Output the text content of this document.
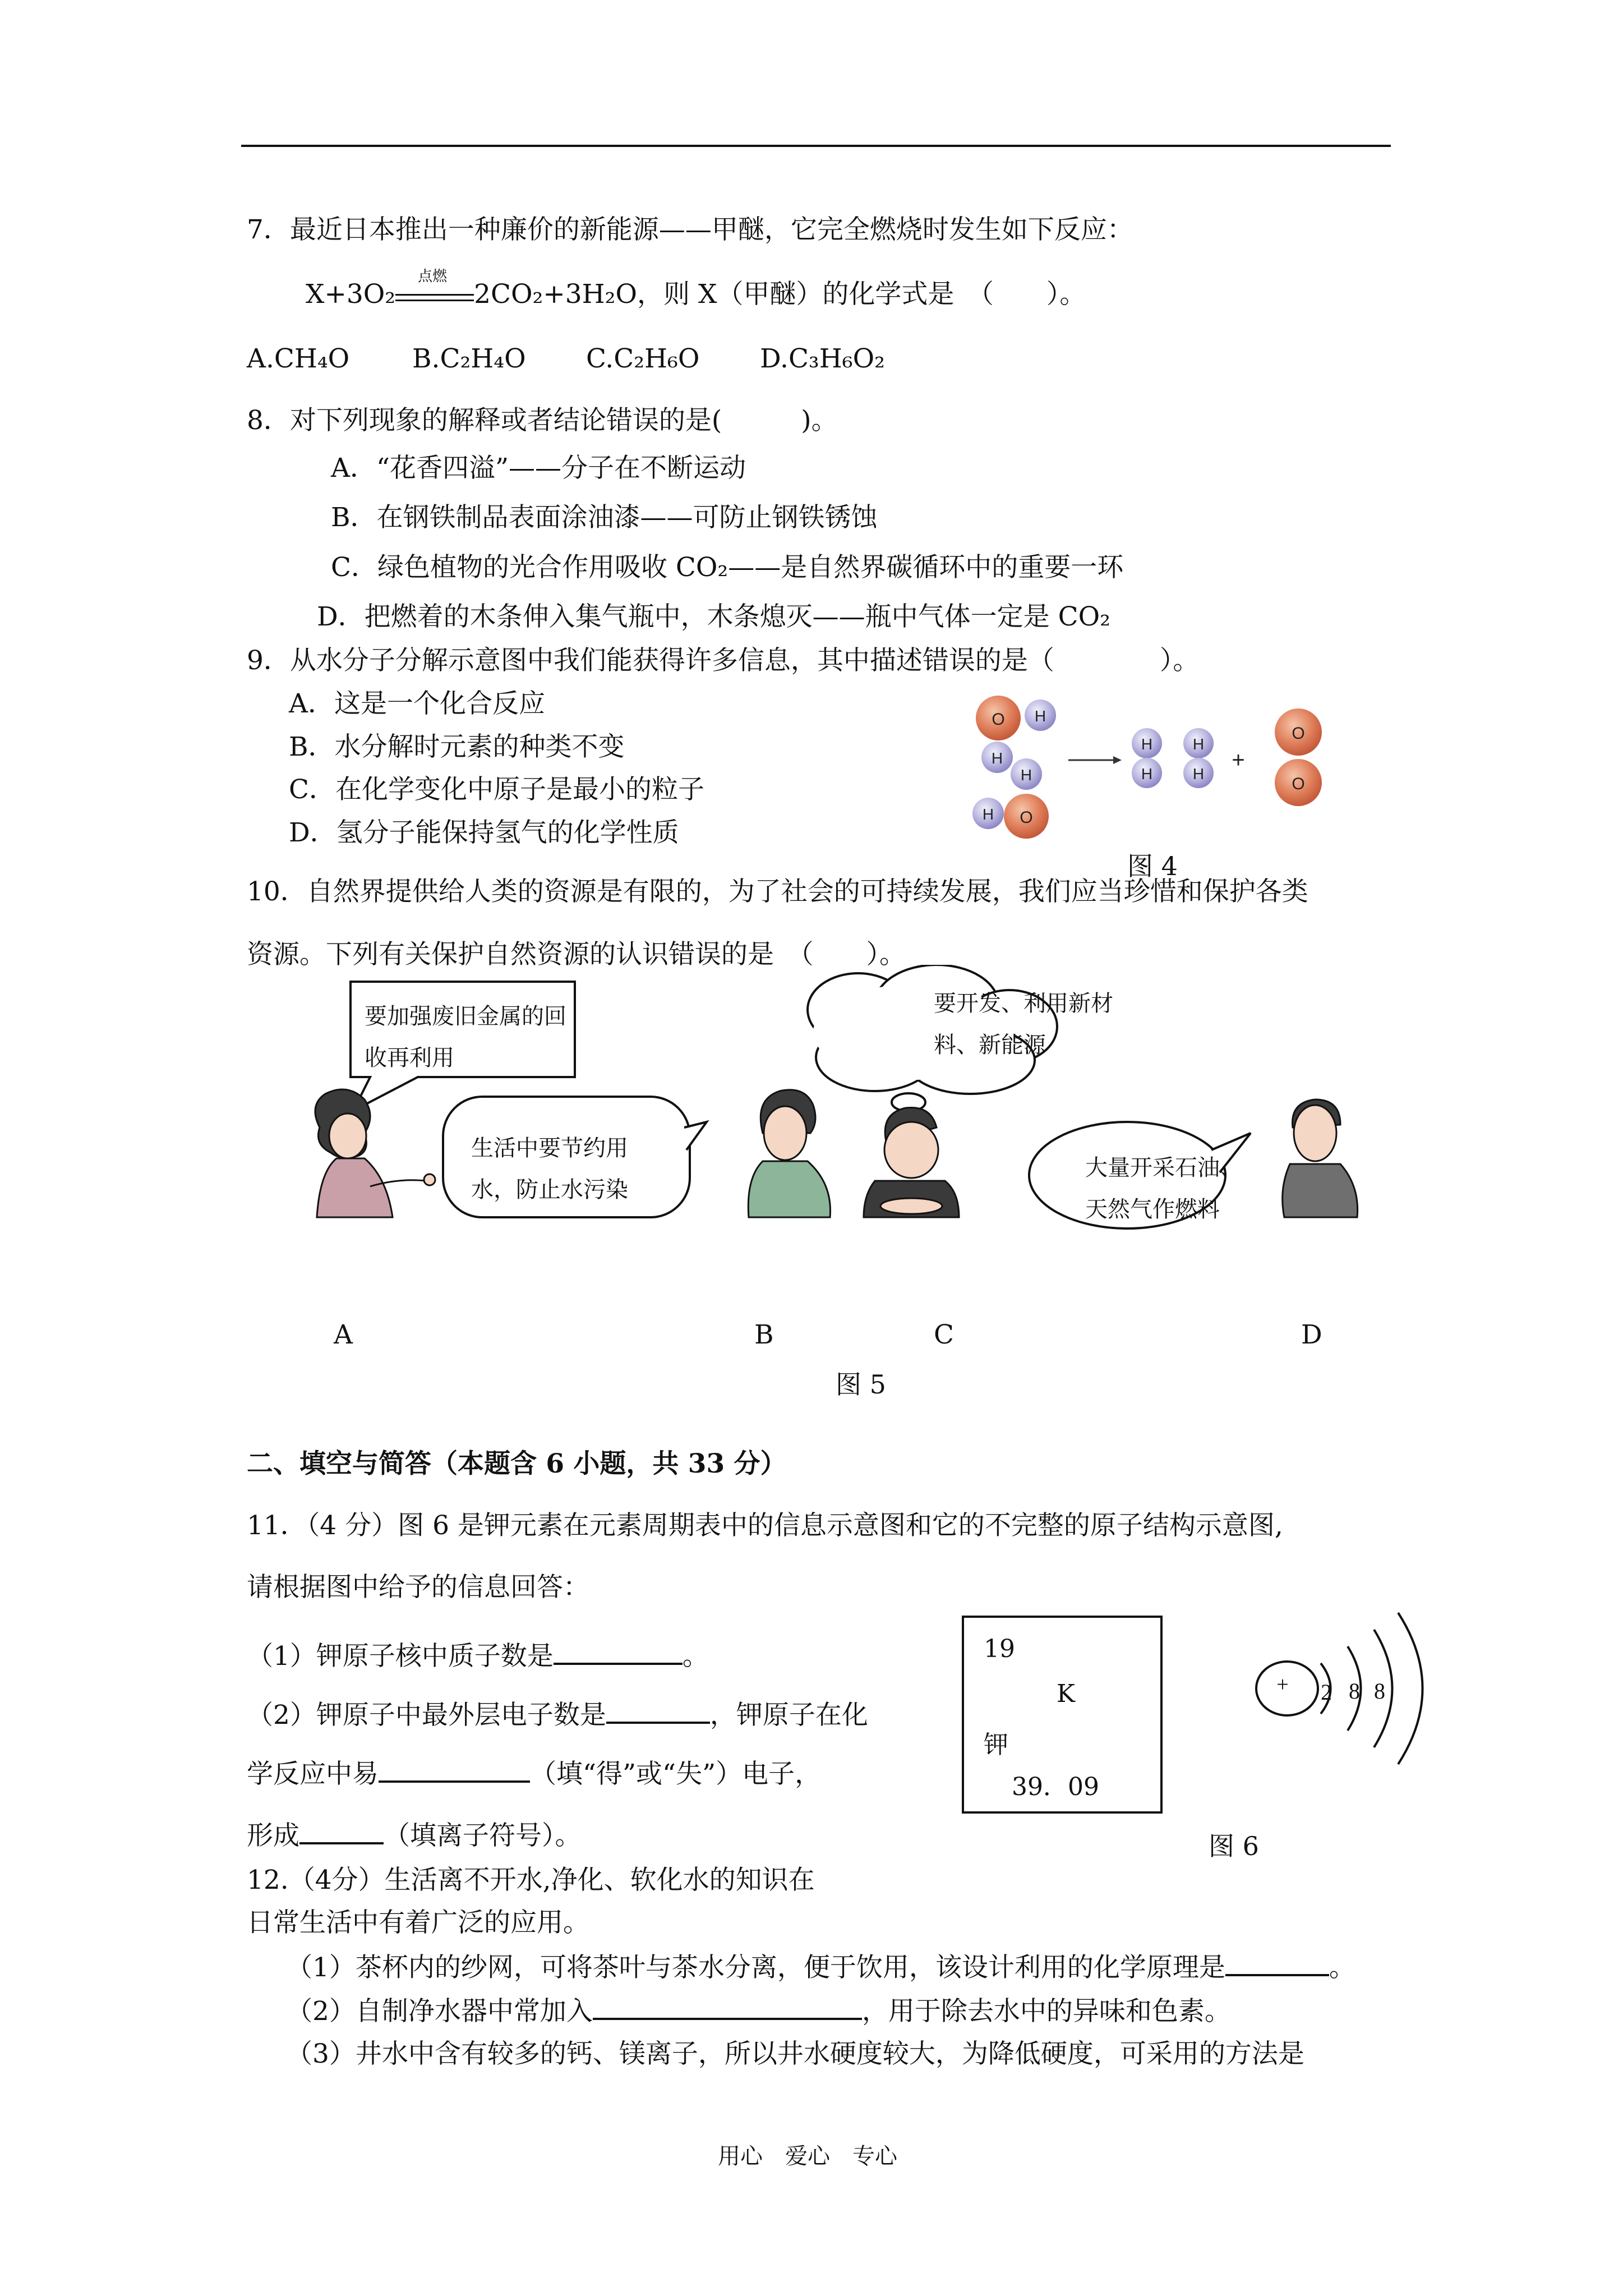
7．最近日本推出一种廉价的新能源——甲醚，它完全燃烧时发生如下反应：
X+3O₂
点燃
2CO₂+3H₂O，则 X（甲醚）的化学式是　（　　）。
A.CH₄O B.C₂H₄O C.C₂H₆O D.C₃H₆O₂
8．对下列现象的解释或者结论错误的是(　　　)。
A．“花香四溢”——分子在不断运动
B．在钢铁制品表面涂油漆——可防止钢铁锈蚀
C．绿色植物的光合作用吸收 CO₂——是自然界碳循环中的重要一环
D．把燃着的木条伸入集气瓶中，木条熄灭——瓶中气体一定是 CO₂
9．从水分子分解示意图中我们能获得许多信息，其中描述错误的是（　　　　）。
A．这是一个化合反应
B．水分解时元素的种类不变
C．在化学变化中原子是最小的粒子
D．氢分子能保持氢气的化学性质
O H
H
H
H O
H
H
H
H
+
O
O
图 4
10．自然界提供给人类的资源是有限的，为了社会的可持续发展，我们应当珍惜和保护各类
资源。下列有关保护自然资源的认识错误的是　（　　）。
要加强废旧金属的回收再利用
生活中要节约用水，防止水污染
要开发、利用新材料、新能源
大量开采石油、天然气作燃料
A	B	C	D
图 5
二、填空与简答（本题含 6 小题，共 33 分）
11．（4 分）图 6 是钾元素在元素周期表中的信息示意图和它的不完整的原子结构示意图,
请根据图中给予的信息回答：
（1）钾原子核中质子数是	。
（2）钾原子中最外层电子数是	，钾原子在化
学反应中易	（填“得”或“失”）电子，
形成	（填离子符号）。
19
K
钾
39．09
+ 2 8 8
图 6
12.（4分）生活离不开水,净化、软化水的知识在
日常生活中有着广泛的应用。
（1）茶杯内的纱网，可将茶叶与茶水分离，便于饮用，该设计利用的化学原理是	。
（2）自制净水器中常加入	，用于除去水中的异味和色素。
（3）井水中含有较多的钙、镁离子，所以井水硬度较大，为降低硬度，可采用的方法是
用心　爱心　专心
